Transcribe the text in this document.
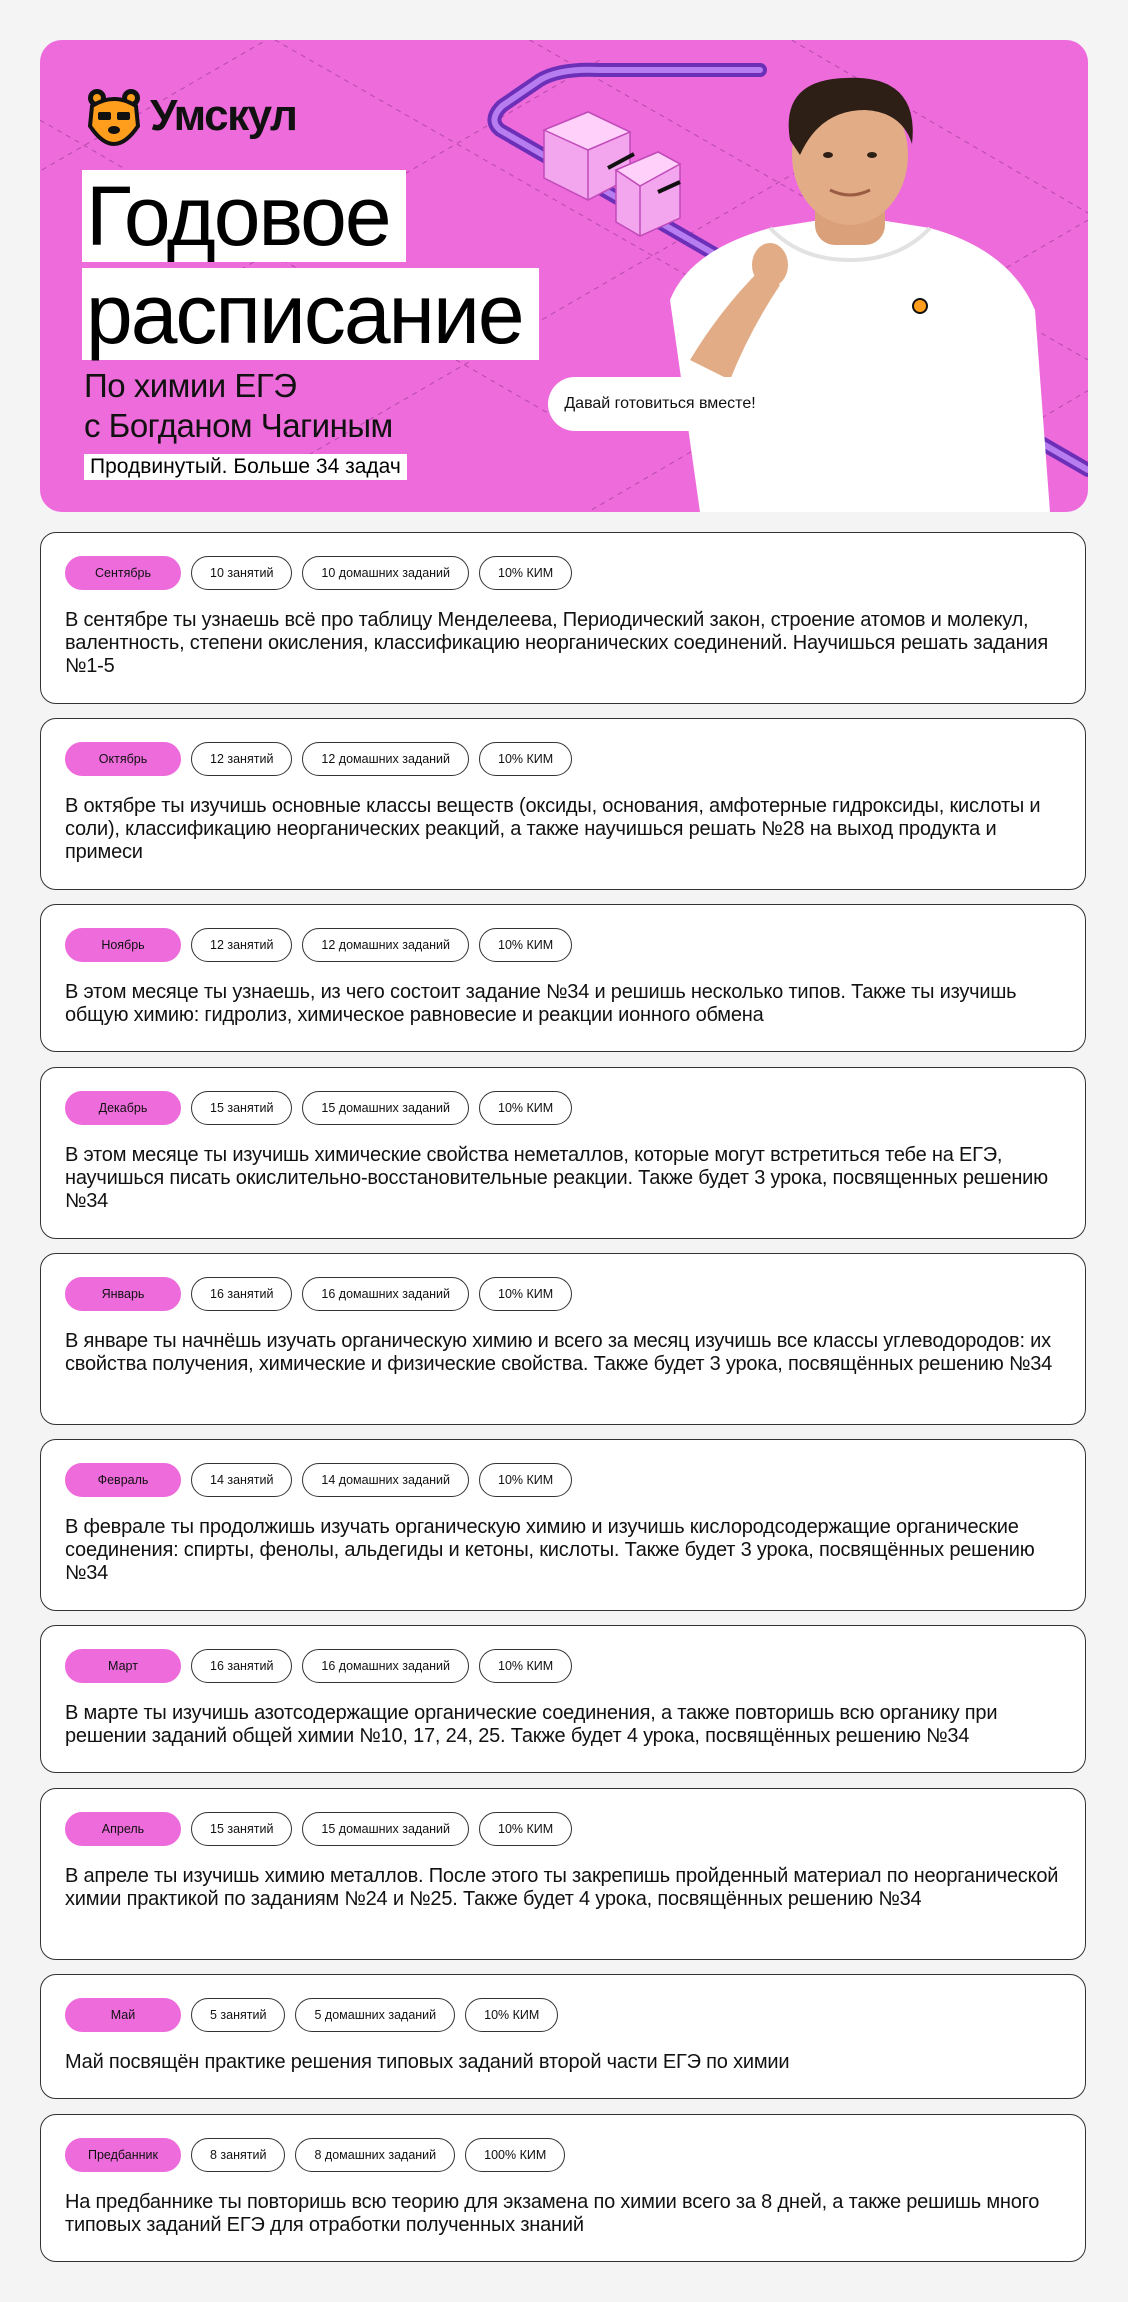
Умскул
Годовое
расписание
По химии ЕГЭ
с Богданом Чагиным
Продвинутый. Больше 34 задач
Давай готовиться вместе!
Сентябрь	10 занятий	10 домашних заданий	10% КИМ
В сентябре ты узнаешь всё про таблицу Менделеева, Периодический закон, строение атомов и молекул, валентность, степени окисления, классификацию неорганических соединений. Научишься решать задания №1-5
Октябрь	12 занятий	12 домашних заданий	10% КИМ
В октябре ты изучишь основные классы веществ (оксиды, основания, амфотерные гидроксиды, кислоты и соли), классификацию неорганических реакций, а также научишься решать №28 на выход продукта и примеси
Ноябрь	12 занятий	12 домашних заданий	10% КИМ
В этом месяце ты узнаешь, из чего состоит задание №34 и решишь несколько типов. Также ты изучишь общую химию: гидролиз, химическое равновесие и реакции ионного обмена
Декабрь	15 занятий	15 домашних заданий	10% КИМ
В этом месяце ты изучишь химические свойства неметаллов, которые могут встретиться тебе на ЕГЭ, научишься писать окислительно-восстановительные реакции. Также будет 3 урока, посвященных решению №34
Январь	16 занятий	16 домашних заданий	10% КИМ
В январе ты начнёшь изучать органическую химию и всего за месяц изучишь все классы углеводородов: их свойства получения, химические и физические свойства. Также будет 3 урока, посвящённых решению №34
Февраль	14 занятий	14 домашних заданий	10% КИМ
В феврале ты продолжишь изучать органическую химию и изучишь кислородсодержащие органические соединения: спирты, фенолы, альдегиды и кетоны, кислоты. Также будет 3 урока, посвящённых решению №34
Март	16 занятий	16 домашних заданий	10% КИМ
В марте ты изучишь азотсодержащие органические соединения, а также повторишь всю органику при решении заданий общей химии №10, 17, 24, 25. Также будет 4 урока, посвящённых решению №34
Апрель	15 занятий	15 домашних заданий	10% КИМ
В апреле ты изучишь химию металлов. После этого ты закрепишь пройденный материал по неорганической химии практикой по заданиям №24 и №25. Также будет 4 урока, посвящённых решению №34
Май	5 занятий	5 домашних заданий	10% КИМ
Май посвящён практике решения типовых заданий второй части ЕГЭ по химии
Предбанник	8 занятий	8 домашних заданий	100% КИМ
На предбаннике ты повторишь всю теорию для экзамена по химии всего за 8 дней, а также решишь много типовых заданий ЕГЭ для отработки полученных знаний
